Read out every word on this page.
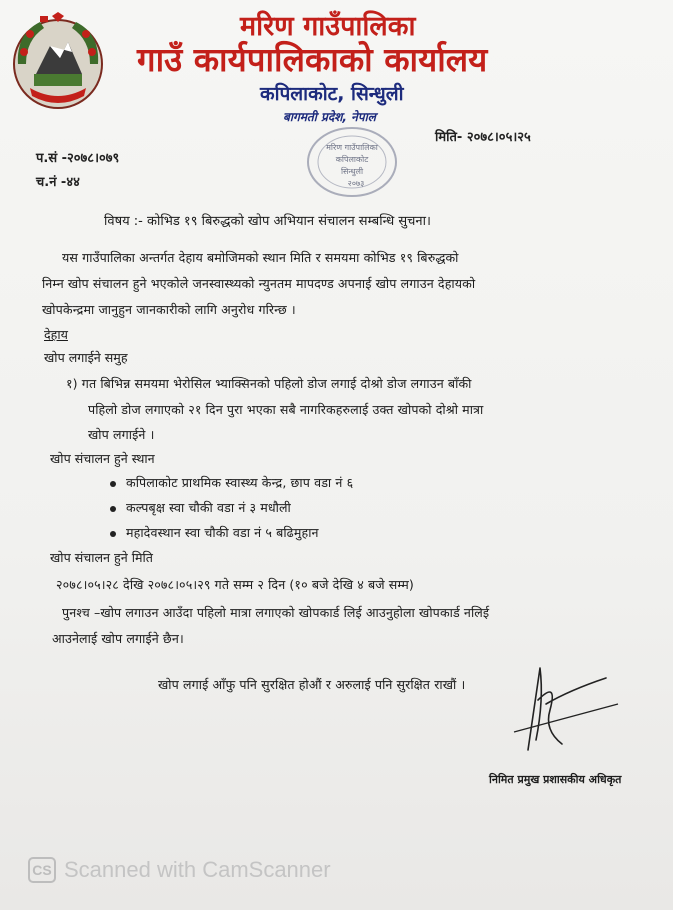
मरिण गाउँपालिका
गाउँ कार्यपालिकाको कार्यालय
कपिलाकोट, सिन्धुली
बागमती प्रदेश, नेपाल
मरिण गाउँपालिका
कपिलाकोट
सिन्धुली
२०७३
प.सं -२०७८।०७९
च.नं -४४
मिति- २०७८।०५।२५
विषय :- कोभिड १९ बिरुद्धको खोप अभियान संचालन सम्बन्धि सुचना।
यस गाउँपालिका अन्तर्गत देहाय बमोजिमको स्थान मिति र समयमा कोभिड १९ बिरुद्धको
निम्न खोप संचालन हुने भएकोले जनस्वास्थ्यको न्युनतम मापदण्ड अपनाई खोप लगाउन देहायको
खोपकेन्द्रमा जानुहुन जानकारीको लागि अनुरोध गरिन्छ ।
देहाय
खोप लगाईने समुह
१) गत बिभिन्न समयमा भेरोसिल भ्याक्सिनको पहिलो डोज लगाई दोश्रो डोज लगाउन बाँकी
पहिलो डोज लगाएको २१ दिन पुरा भएका सबै नागरिकहरुलाई उक्त खोपको दोश्रो मात्रा
खोप लगाईने ।
खोप संचालन हुने स्थान
कपिलाकोट प्राथमिक स्वास्थ्य केन्द्र, छाप वडा नं ६
कल्पबृक्ष स्वा चौकी वडा नं ३ मधौली
महादेवस्थान स्वा चौकी वडा नं ५ बढिमुहान
खोप संचालन हुने मिति
२०७८।०५।२८ देखि २०७८।०५।२९ गते सम्म २ दिन (१० बजे देखि ४ बजे सम्म)
पुनश्च –खोप लगाउन आउँदा पहिलो मात्रा लगाएको खोपकार्ड लिई आउनुहोला खोपकार्ड नलिई
आउनेलाई खोप लगाईने छैन।
खोप लगाई आँफु पनि सुरक्षित होऔं र अरुलाई पनि सुरक्षित राखौं ।
निमित प्रमुख प्रशासकीय अधिकृत
CS Scanned with CamScanner
